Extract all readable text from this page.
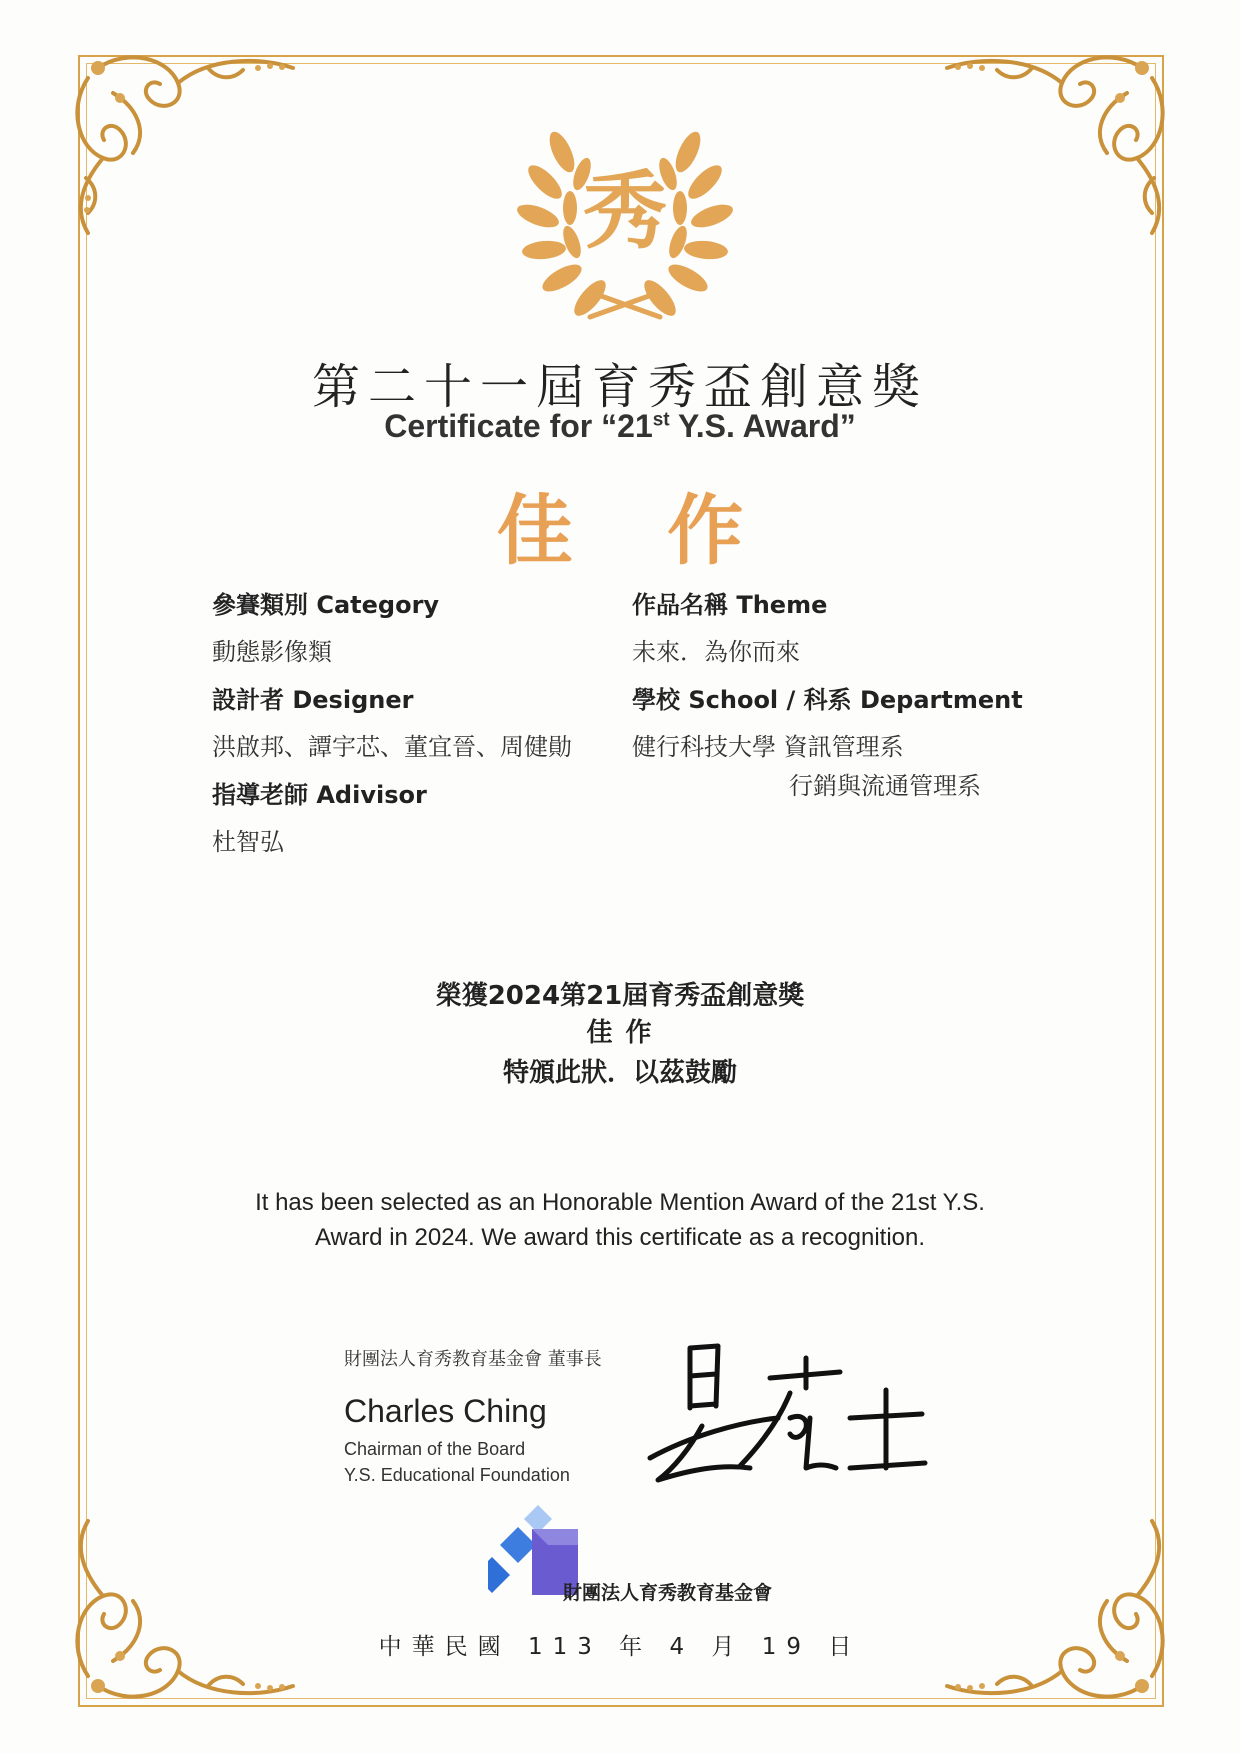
秀
第二十一屆育秀盃創意獎
Certificate for “21st Y.S. Award”
佳 作
參賽類別 Category
動態影像類
作品名稱 Theme
未來．為你而來
設計者 Designer
洪啟邦、譚宇芯、董宜晉、周健勛
學校 School / 科系 Department
健行科技大學 資訊管理系
行銷與流通管理系
指導老師 Adivisor
杜智弘
榮獲2024第21屆育秀盃創意獎
佳 作
特頒此狀．以茲鼓勵
It has been selected as an Honorable Mention Award of the 21st Y.S.
Award in 2024. We award this certificate as a recognition.
財團法人育秀教育基金會 董事長
Charles Ching
Chairman of the Board
Y.S. Educational Foundation
財團法人育秀教育基金會
中華民國 113 年 4 月 19 日
